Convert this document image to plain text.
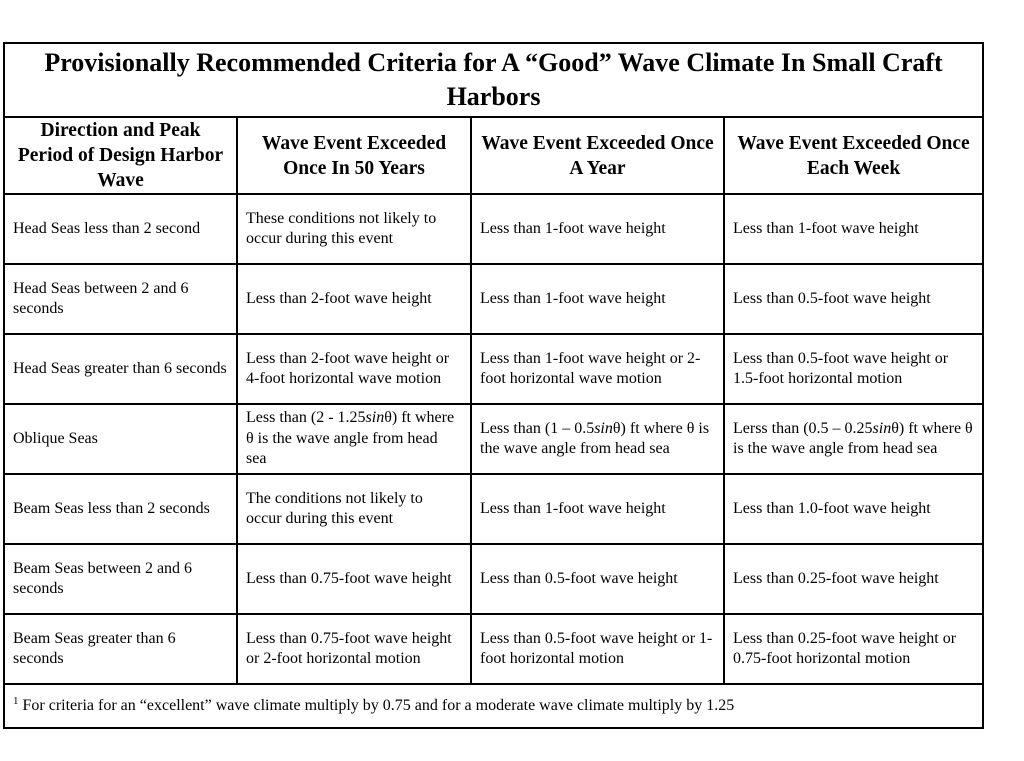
Provisionally Recommended Criteria for A “Good” Wave Climate In Small Craft Harbors			
Direction and Peak Period of Design Harbor Wave	Wave Event Exceeded Once In 50 Years	Wave Event Exceeded Once A Year	Wave Event Exceeded Once Each Week
Head Seas less than 2 second	These conditions not likely to occur during this event	Less than 1-foot wave height	Less than 1-foot wave height
Head Seas between 2 and 6 seconds	Less than 2-foot wave height	Less than 1-foot wave height	Less than 0.5-foot wave height
Head Seas greater than 6 seconds	Less than 2-foot wave height or 4-foot horizontal wave motion	Less than 1-foot wave height or 2-foot horizontal wave motion	Less than 0.5-foot wave height or 1.5-foot horizontal motion
Oblique Seas	Less than (2 - 1.25sinθ) ft where θ is the wave angle from head sea	Less than (1 – 0.5sinθ) ft where θ is the wave angle from head sea	Lerss than (0.5 – 0.25sinθ) ft where θ is the wave angle from head sea
Beam Seas less than 2 seconds	The conditions not likely to occur during this event	Less than 1-foot wave height	Less than 1.0-foot wave height
Beam Seas between 2 and 6 seconds	Less than 0.75-foot wave height	Less than 0.5-foot wave height	Less than 0.25-foot wave height
Beam Seas greater than 6 seconds	Less than 0.75-foot wave height or 2-foot horizontal motion	Less than 0.5-foot wave height or 1-foot horizontal motion	Less than 0.25-foot wave height or 0.75-foot horizontal motion
$^1$ For criteria for an “excellent” wave climate multiply by 0.75 and for a moderate wave climate multiply by 1.25			
